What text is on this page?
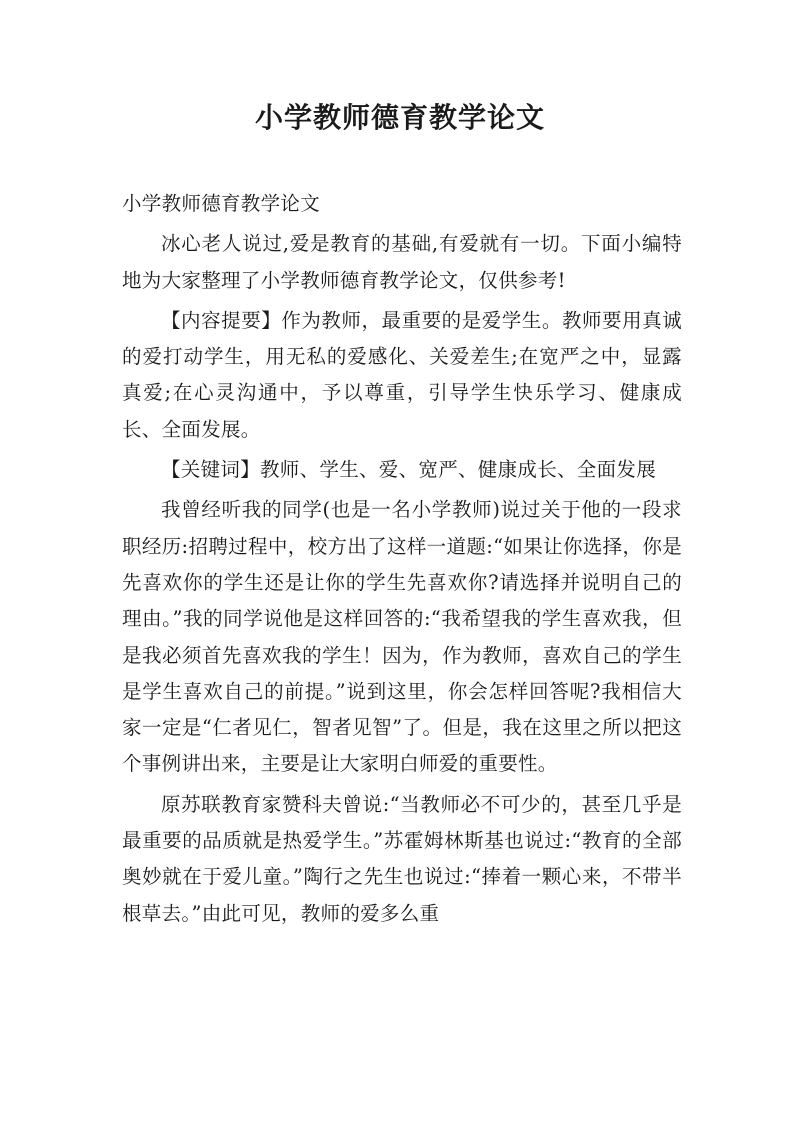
小学教师德育教学论文

小学教师德育教学论文

冰心老人说过,爱是教育的基础,有爱就有一切。下面小编特地为大家整理了小学教师德育教学论文，仅供参考!

【内容提要】作为教师，最重要的是爱学生。教师要用真诚的爱打动学生，用无私的爱感化、关爱差生;在宽严之中，显露真爱;在心灵沟通中，予以尊重，引导学生快乐学习、健康成长、全面发展。

【关键词】教师、学生、爱、宽严、健康成长、全面发展

我曾经听我的同学(也是一名小学教师)说过关于他的一段求职经历:招聘过程中，校方出了这样一道题:“如果让你选择，你是先喜欢你的学生还是让你的学生先喜欢你?请选择并说明自己的理由。”我的同学说他是这样回答的:“我希望我的学生喜欢我，但是我必须首先喜欢我的学生！因为，作为教师，喜欢自己的学生是学生喜欢自己的前提。”说到这里，你会怎样回答呢?我相信大家一定是“仁者见仁，智者见智”了。但是，我在这里之所以把这个事例讲出来，主要是让大家明白师爱的重要性。

原苏联教育家赞科夫曾说:“当教师必不可少的，甚至几乎是最重要的品质就是热爱学生。”苏霍姆林斯基也说过:“教育的全部奥妙就在于爱儿童。”陶行之先生也说过:“捧着一颗心来，不带半根草去。”由此可见，教师的爱多么重
